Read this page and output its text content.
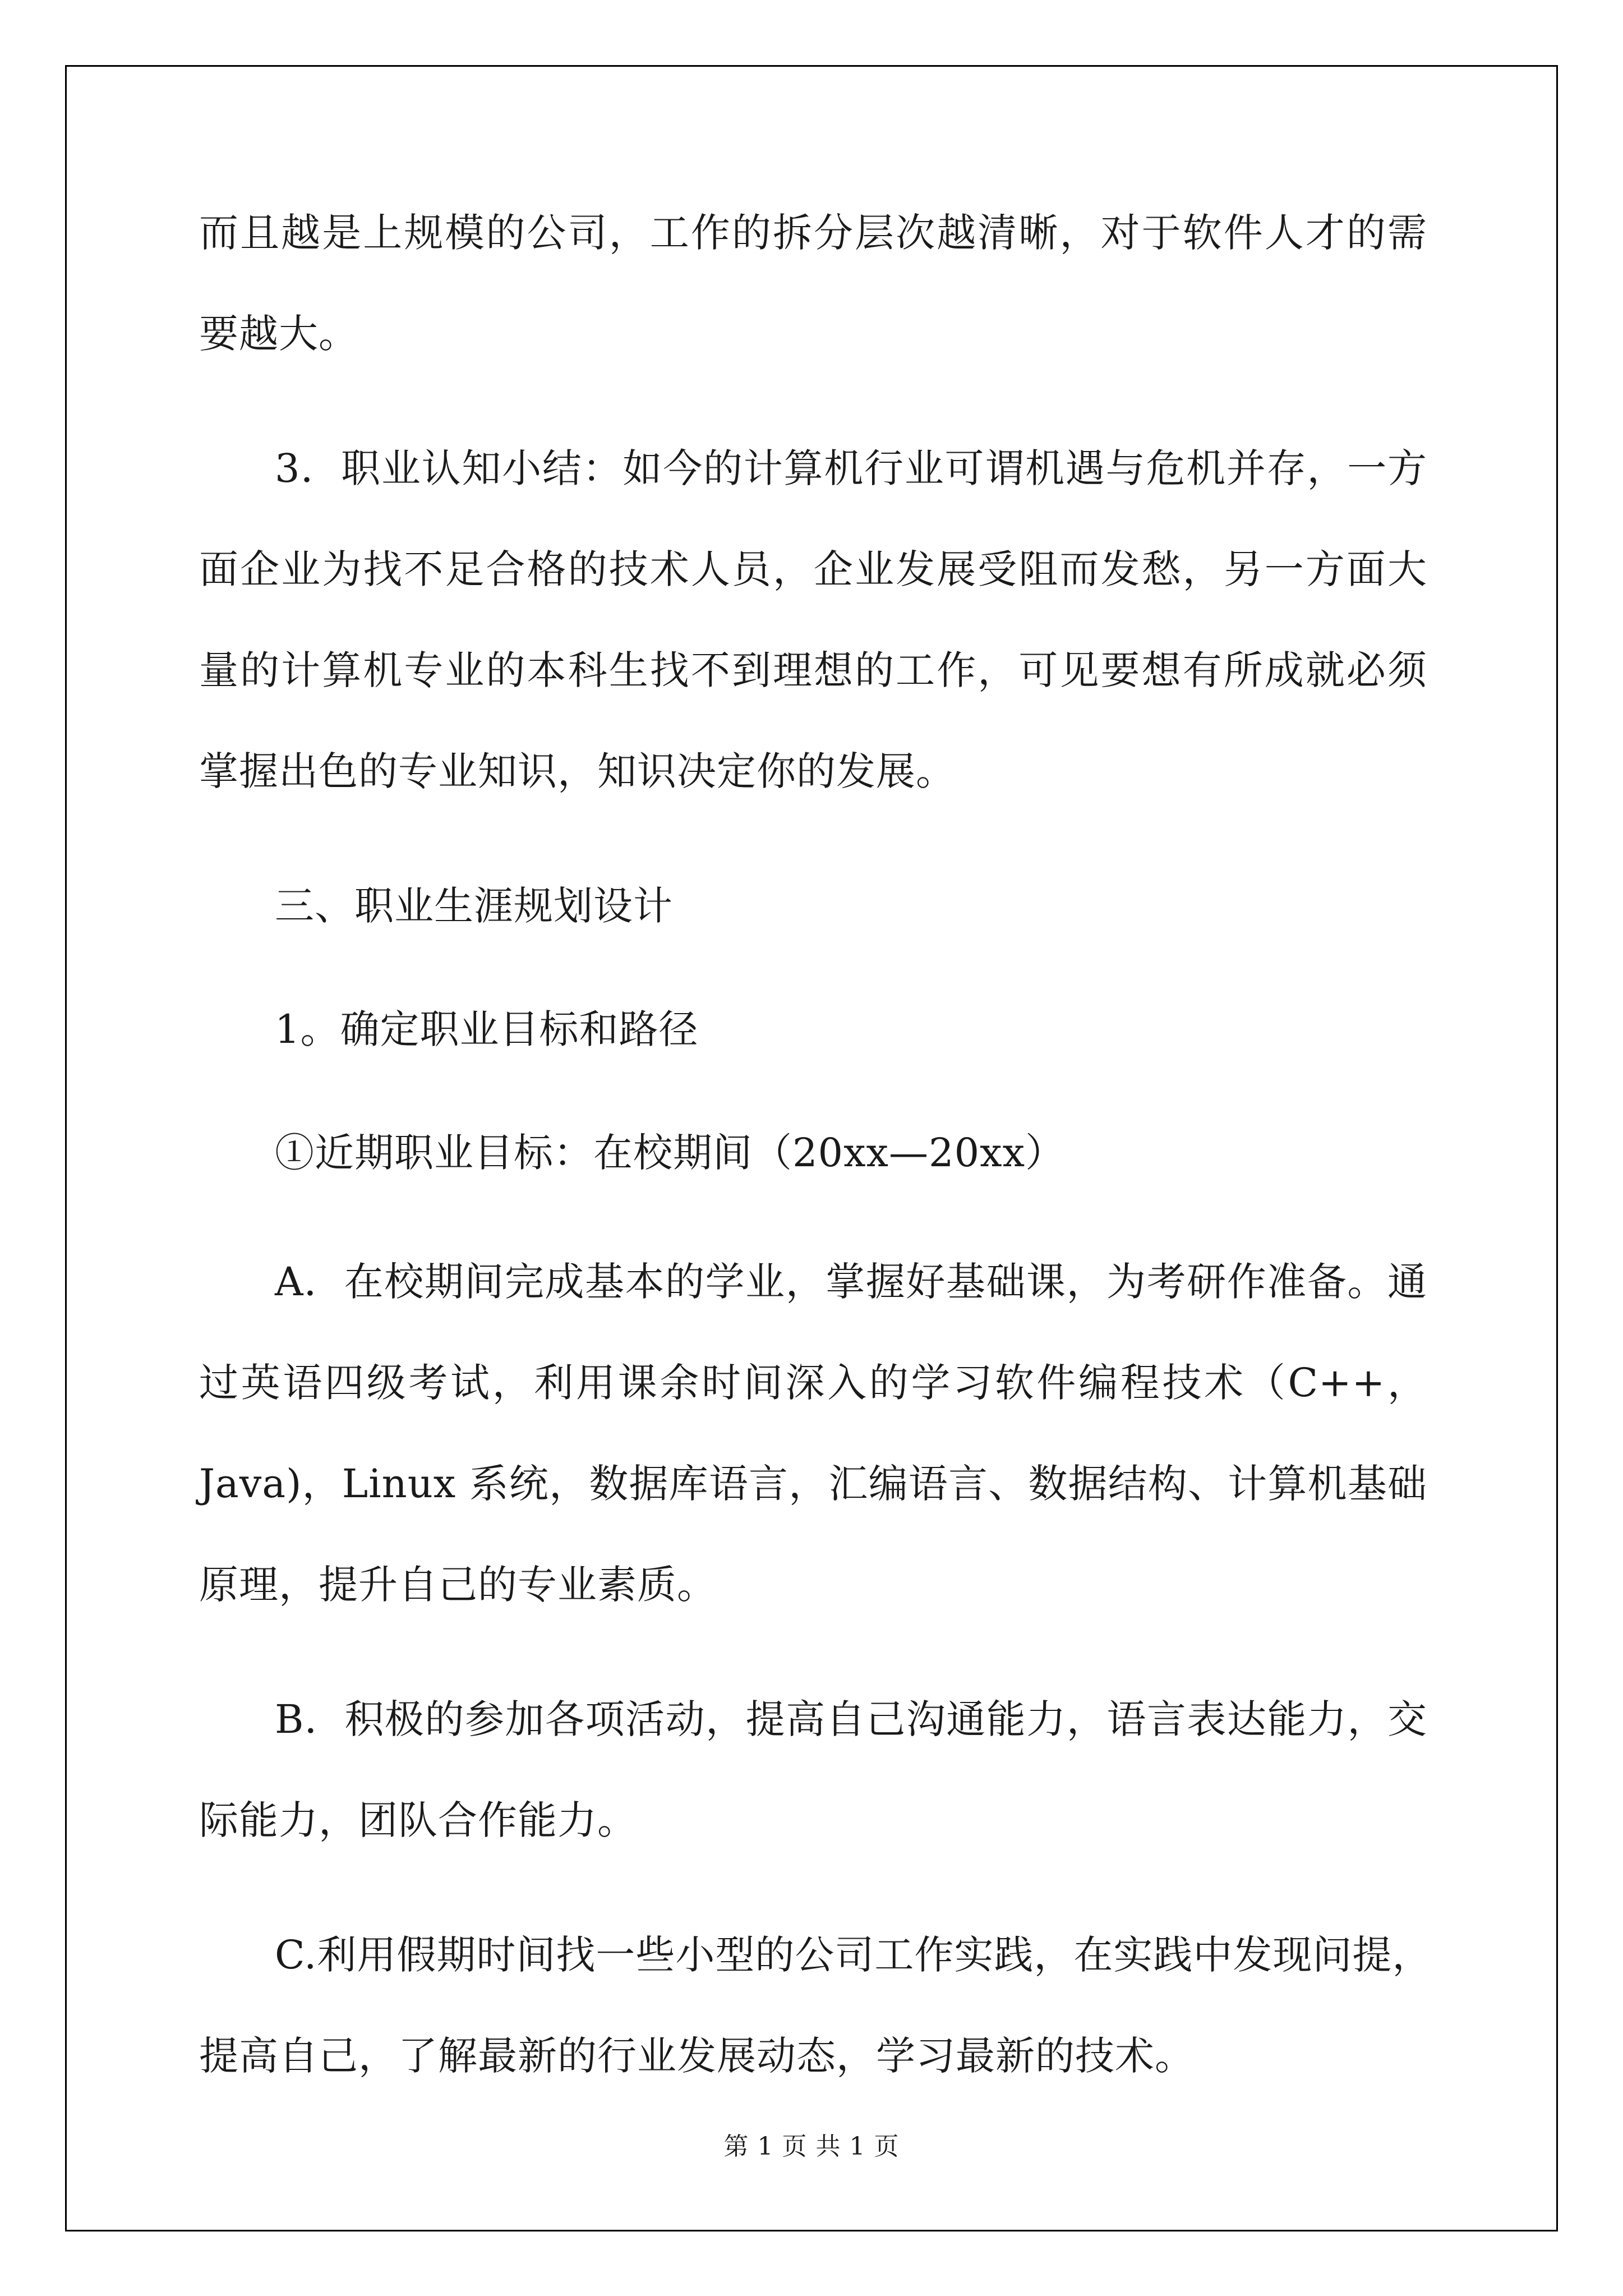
而且越是上规模的公司，工作的拆分层次越清晰，对于软件人才的需
要越大。
3．职业认知小结：如今的计算机行业可谓机遇与危机并存，一方
面企业为找不足合格的技术人员，企业发展受阻而发愁，另一方面大
量的计算机专业的本科生找不到理想的工作，可见要想有所成就必须
掌握出色的专业知识，知识决定你的发展。
三、职业生涯规划设计
1。确定职业目标和路径
①近期职业目标：在校期间（20xx—20xx）
A．在校期间完成基本的学业，掌握好基础课，为考研作准备。通
过英语四级考试，利用课余时间深入的学习软件编程技术（C++，
Java)，Linux 系统，数据库语言，汇编语言、数据结构、计算机基础
原理，提升自己的专业素质。
B．积极的参加各项活动，提高自己沟通能力，语言表达能力，交
际能力，团队合作能力。
C.利用假期时间找一些小型的公司工作实践，在实践中发现问提，
提高自己，了解最新的行业发展动态，学习最新的技术。
第 1 页 共 1 页
